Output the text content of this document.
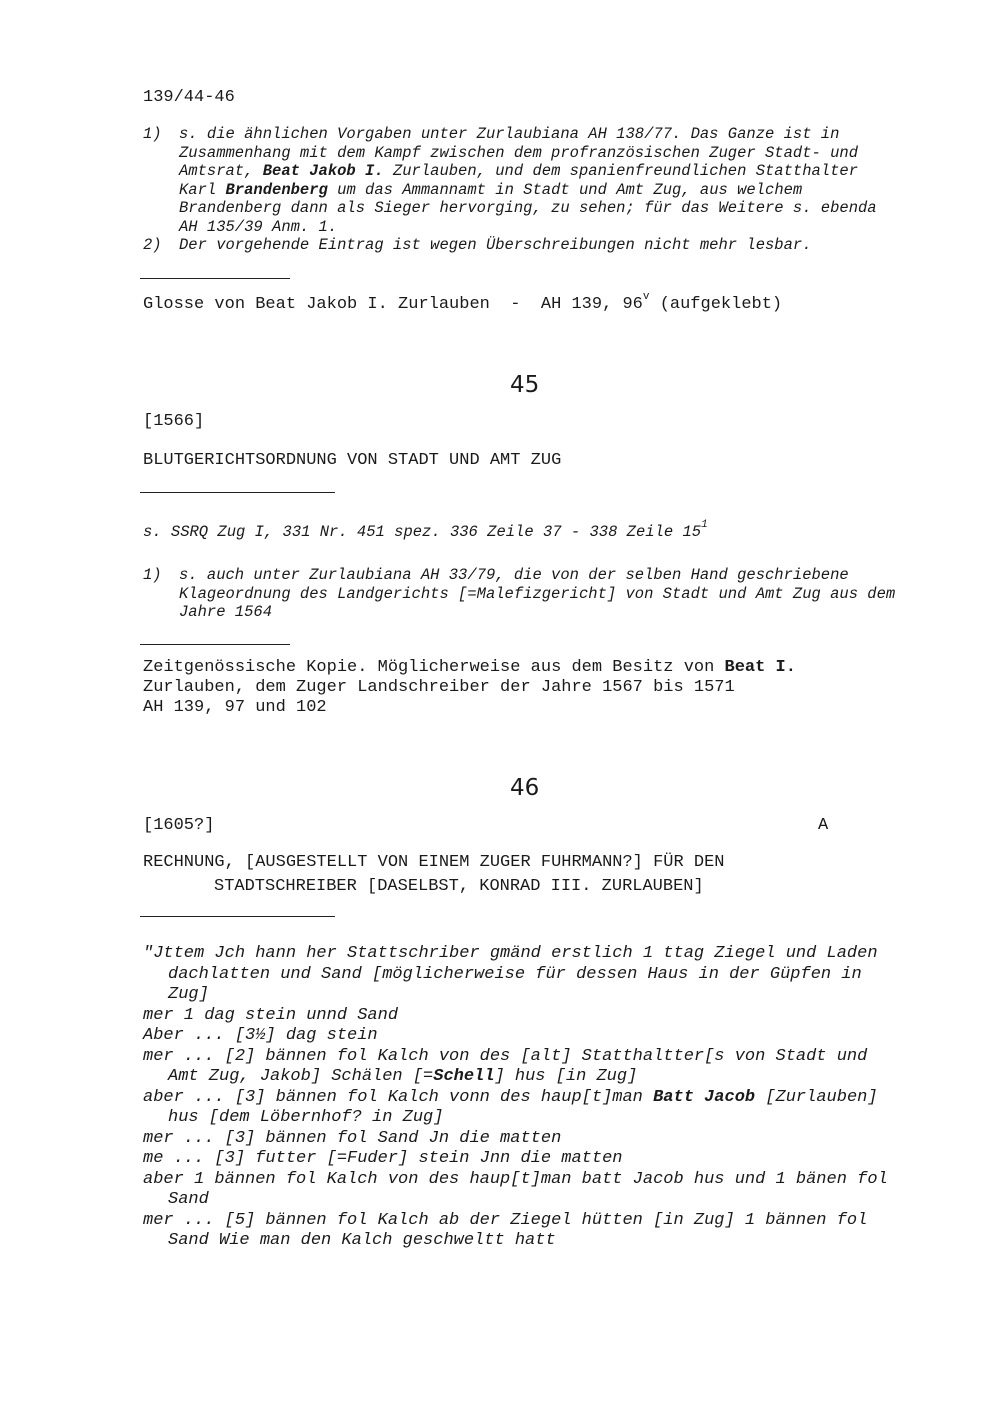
139/44-46
1)	s. die ähnlichen Vorgaben unter Zurlaubiana AH 138/77. Das Ganze ist in Zusammenhang mit dem Kampf zwischen dem profranzösischen Zuger Stadt- und Amtsrat, Beat Jakob I. Zurlauben, und dem spanienfreundlichen Statthalter Karl Brandenberg um das Ammannamt in Stadt und Amt Zug, aus welchem Brandenberg dann als Sieger hervorging, zu sehen; für das Weitere s. ebenda AH 135/39 Anm. 1.
2)	Der vorgehende Eintrag ist wegen Überschreibungen nicht mehr lesbar.
Glosse von Beat Jakob I. Zurlauben  -  AH 139, 96$^v$ (aufgeklebt)
45
[1566]
BLUTGERICHTSORDNUNG VON STADT UND AMT ZUG
s. SSRQ Zug I, 331 Nr. 451 spez. 336 Zeile 37 - 338 Zeile $15^1$
1)	s. auch unter Zurlaubiana AH 33/79, die von der selben Hand geschriebene Klageordnung des Landgerichts [=Malefizgericht] von Stadt und Amt Zug aus dem Jahre 1564
Zeitgenössische Kopie. Möglicherweise aus dem Besitz von Beat I.
Zurlauben, dem Zuger Landschreiber der Jahre 1567 bis 1571
AH 139, 97 und 102
46
[1605?]	A
RECHNUNG, [AUSGESTELLT VON EINEM ZUGER FUHRMANN?] FÜR DEN
STADTSCHREIBER [DASELBST, KONRAD III. ZURLAUBEN]
"Jttem Jch hann her Stattschriber gmänd erstlich 1 ttag Ziegel und Laden dachlatten und Sand [möglicherweise für dessen Haus in der Güpfen in Zug]
mer 1 dag stein unnd Sand
Aber ... [3½] dag stein
mer ... [2] bännen fol Kalch von des [alt] Statthaltter[s von Stadt und Amt Zug, Jakob] Schälen [=Schell] hus [in Zug]
aber ... [3] bännen fol Kalch vonn des haup[t]man Batt Jacob [Zurlauben] hus [dem Löbernhof? in Zug]
mer ... [3] bännen fol Sand Jn die matten
me ... [3] futter [=Fuder] stein Jnn die matten
aber 1 bännen fol Kalch von des haup[t]man batt Jacob hus und 1 bänen fol Sand
mer ... [5] bännen fol Kalch ab der Ziegel hütten [in Zug] 1 bännen fol Sand Wie man den Kalch geschweltt hatt
